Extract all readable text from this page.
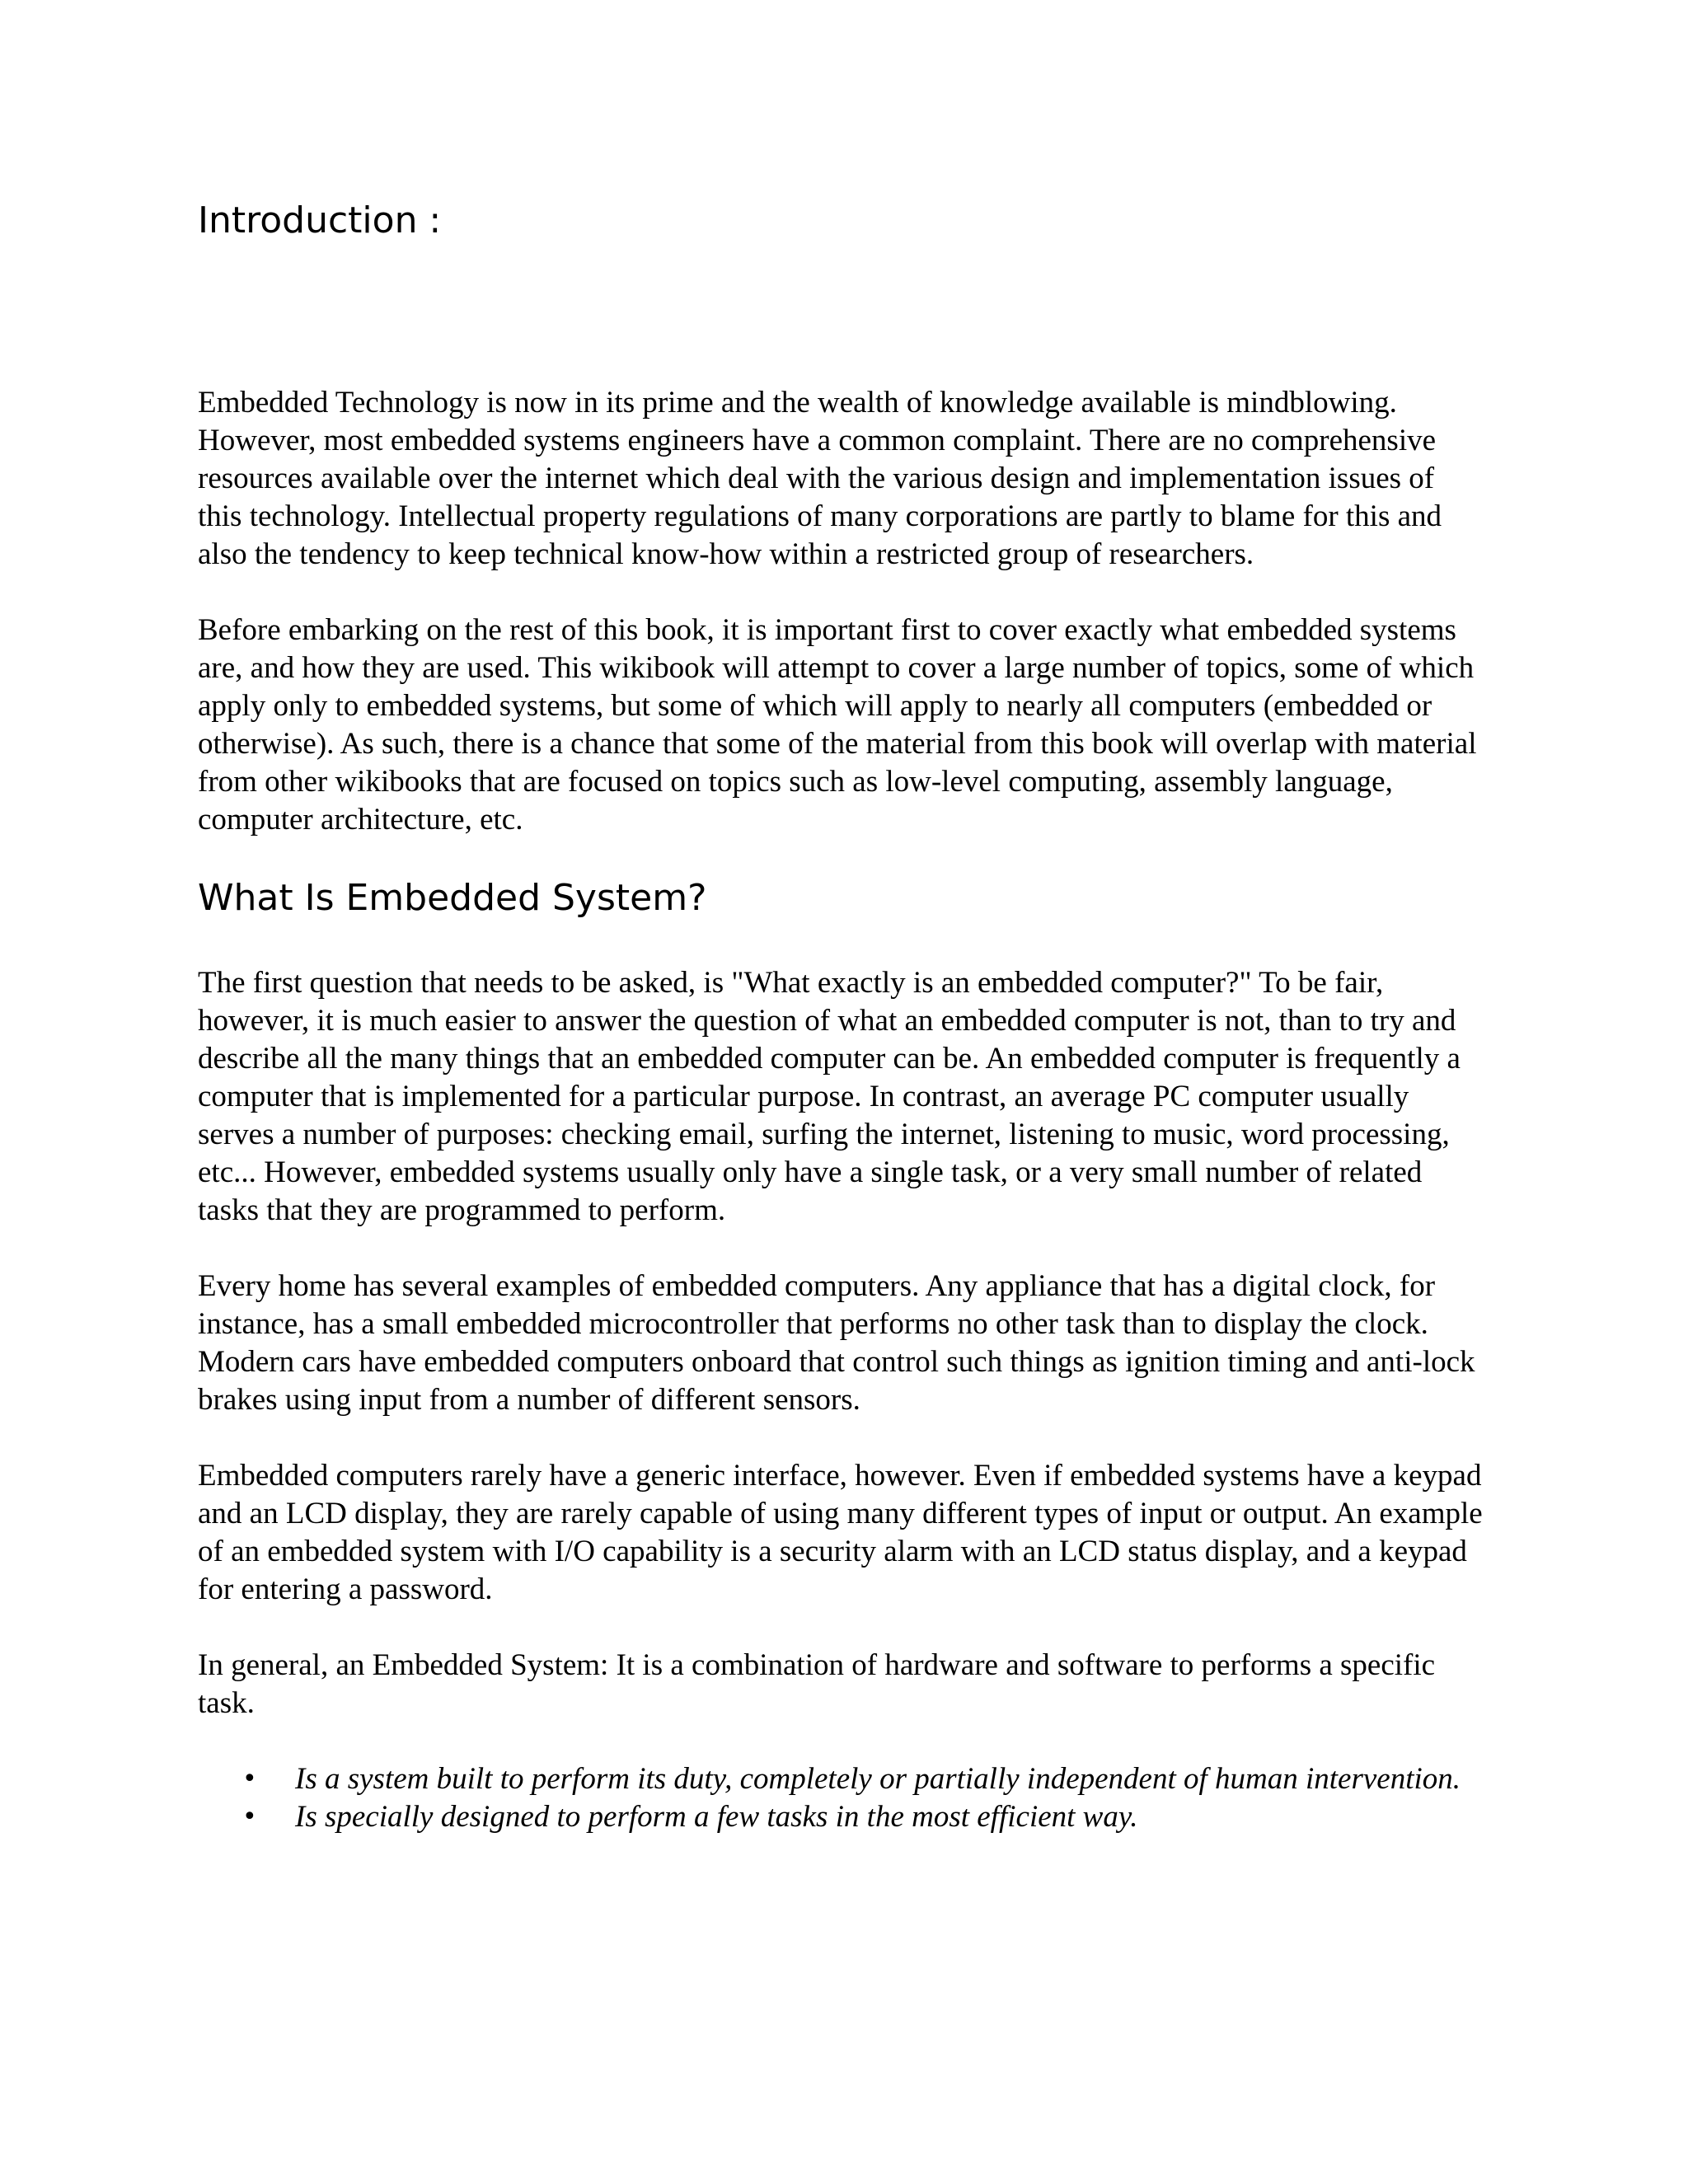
Introduction :

Embedded Technology is now in its prime and the wealth of knowledge available is mindblowing. However, most embedded systems engineers have a common complaint. There are no comprehensive resources available over the internet which deal with the various design and implementation issues of this technology. Intellectual property regulations of many corporations are partly to blame for this and also the tendency to keep technical know-how within a restricted group of researchers.

Before embarking on the rest of this book, it is important first to cover exactly what embedded systems are, and how they are used. This wikibook will attempt to cover a large number of topics, some of which apply only to embedded systems, but some of which will apply to nearly all computers (embedded or otherwise). As such, there is a chance that some of the material from this book will overlap with material from other wikibooks that are focused on topics such as low-level computing, assembly language, computer architecture, etc.

What Is Embedded System?

The first question that needs to be asked, is "What exactly is an embedded computer?" To be fair, however, it is much easier to answer the question of what an embedded computer is not, than to try and describe all the many things that an embedded computer can be. An embedded computer is frequently a computer that is implemented for a particular purpose. In contrast, an average PC computer usually serves a number of purposes: checking email, surfing the internet, listening to music, word processing, etc... However, embedded systems usually only have a single task, or a very small number of related tasks that they are programmed to perform.

Every home has several examples of embedded computers. Any appliance that has a digital clock, for instance, has a small embedded microcontroller that performs no other task than to display the clock. Modern cars have embedded computers onboard that control such things as ignition timing and anti-lock brakes using input from a number of different sensors.

Embedded computers rarely have a generic interface, however. Even if embedded systems have a keypad and an LCD display, they are rarely capable of using many different types of input or output. An example of an embedded system with I/O capability is a security alarm with an LCD status display, and a keypad for entering a password.

In general, an Embedded System: It is a combination of hardware and software to performs a specific task.

• Is a system built to perform its duty, completely or partially independent of human intervention.
• Is specially designed to perform a few tasks in the most efficient way.
